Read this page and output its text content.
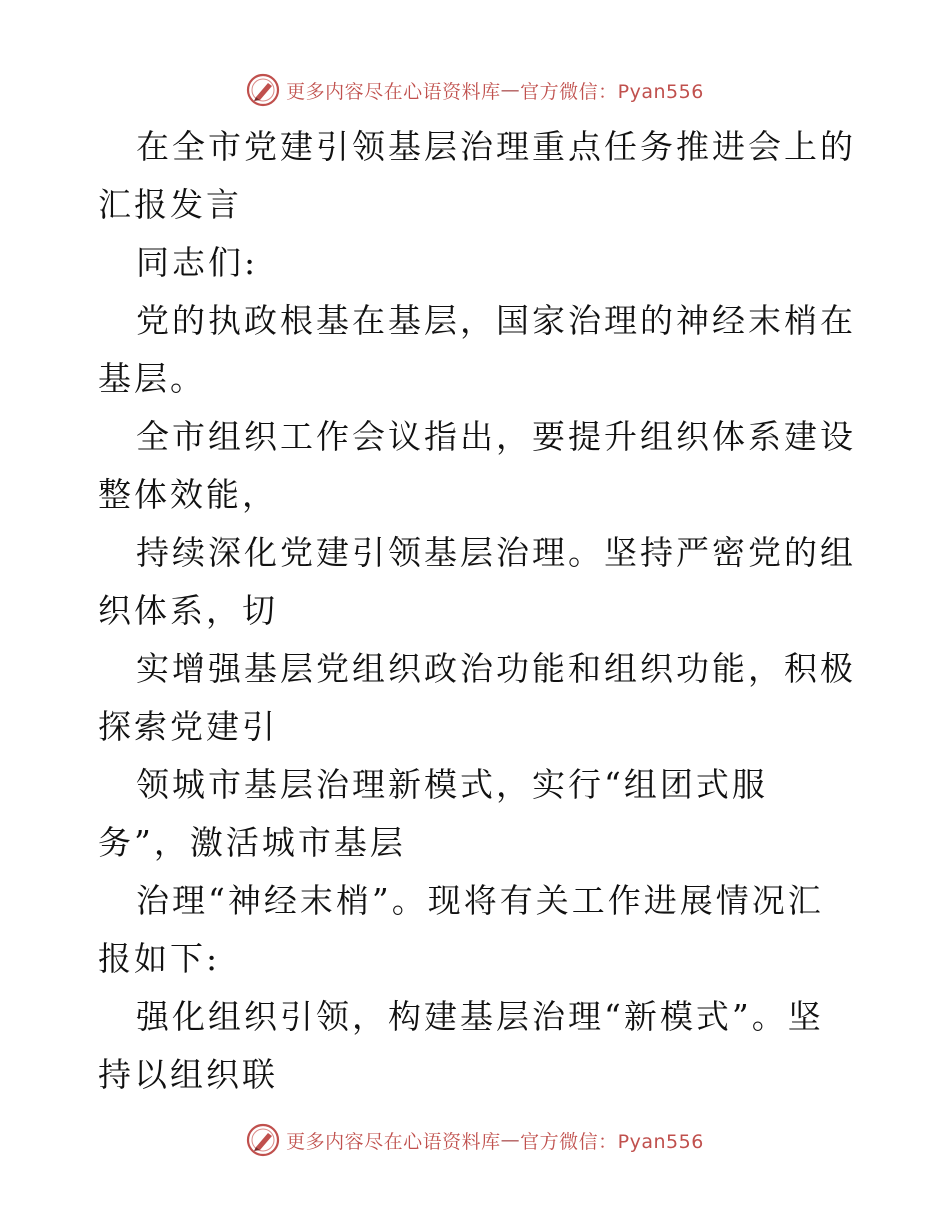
更多内容尽在心语资料库 — 官方微信：Pyan556

在全市党建引领基层治理重点任务推进会上的汇报发言

同志们:

党的执政根基在基层，国家治理的神经末梢在基层。

全市组织工作会议指出，要提升组织体系建设整体效能，

持续深化党建引领基层治理。坚持严密党的组织体系，切

实增强基层党组织政治功能和组织功能，积极探索党建引

领城市基层治理新模式，实行“组团式服务”，激活城市基层

治理“神经末梢”。现将有关工作进展情况汇报如下:

强化组织引领，构建基层治理“新模式”。坚持以组织联

更多内容尽在心语资料库 — 官方微信：Pyan556
